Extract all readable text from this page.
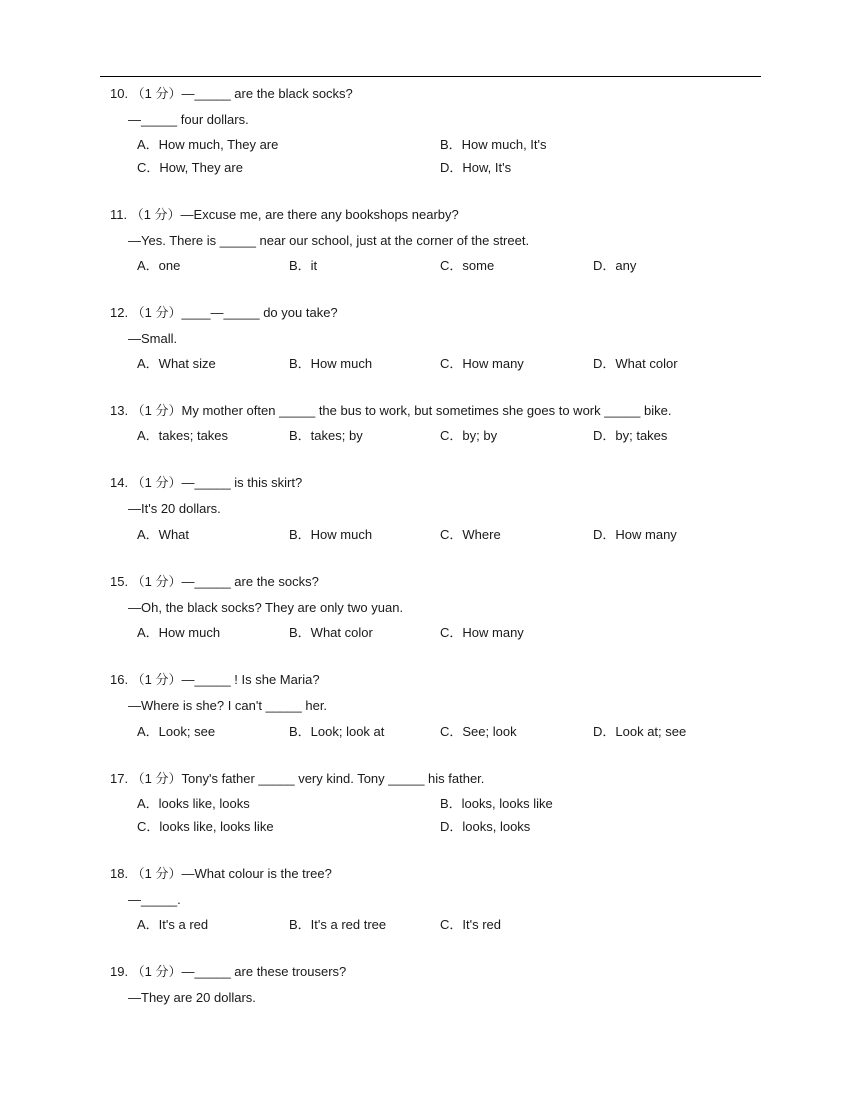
10. （1 分）—_____ are the black socks?
—_____ four dollars.
A．How much, They are	B．How much, It's
C．How, They are	D．How, It's
11. （1 分）—Excuse me, are there any bookshops nearby?
—Yes. There is _____ near our school, just at the corner of the street.
A．one	B．it	C．some	D．any
12. （1 分）____—_____ do you take?
—Small.
A．What size	B．How much	C．How many	D．What color
13. （1 分）My mother often _____ the bus to work, but sometimes she goes to work _____ bike.
A．takes; takes	B．takes; by	C．by; by	D．by; takes
14. （1 分）—_____ is this skirt?
—It's 20 dollars.
A．What	B．How much	C．Where	D．How many
15. （1 分）—_____ are the socks?
—Oh, the black socks? They are only two yuan.
A．How much	B．What color	C．How many
16. （1 分）—_____ ! Is she Maria?
—Where is she? I can't _____ her.
A．Look; see	B．Look; look at	C．See; look	D．Look at; see
17. （1 分）Tony's father _____ very kind. Tony _____ his father.
A．looks like, looks	B．looks, looks like
C．looks like, looks like	D．looks, looks
18. （1 分）—What colour is the tree?
—_____.
A．It's a red	B．It's a red tree	C．It's red
19. （1 分）—_____ are these trousers?
—They are 20 dollars.
